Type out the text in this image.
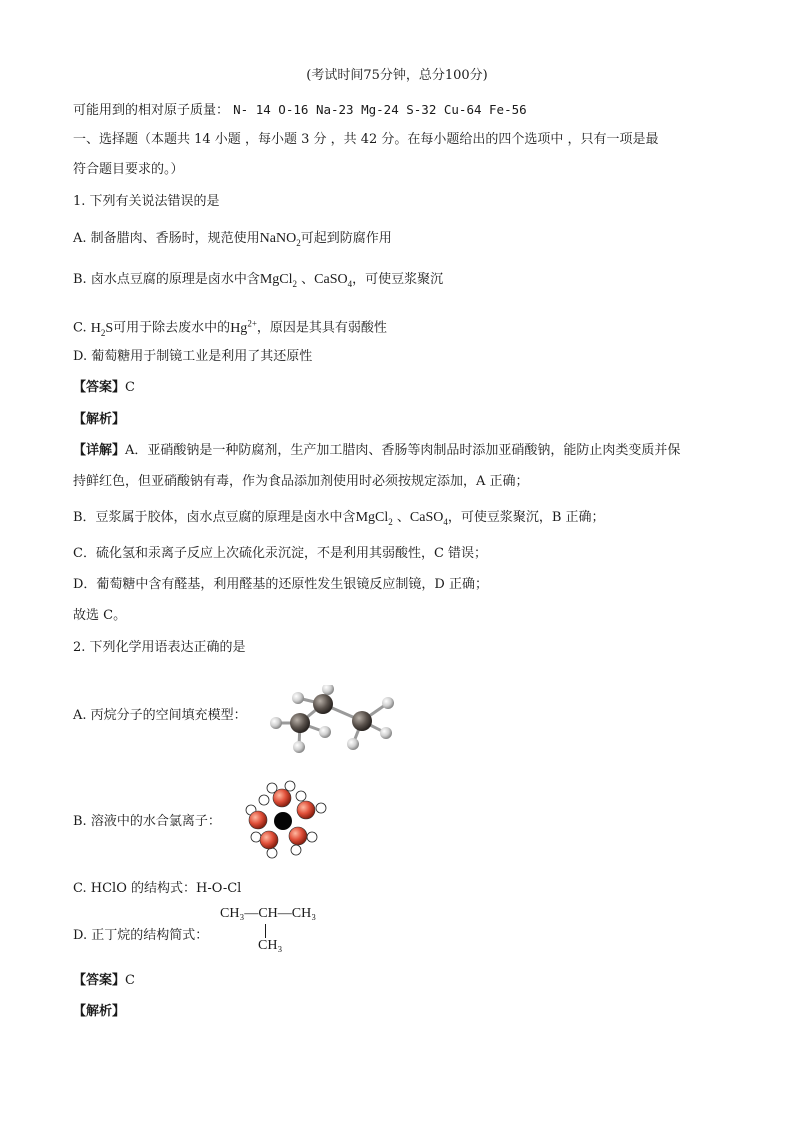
(考试时间75分钟，总分100分)
可能用到的相对原子质量： N- 14 O-16 Na-23 Mg-24 S-32 Cu-64 Fe-56
一、选择题（本题共 14 小题 ，每小题 3 分 ，共 42 分。在每小题给出的四个选项中 ，只有一项是最
符合题目要求的。）
1. 下列有关说法错误的是
A. 制备腊肉、香肠时，规范使用NaNO$_2$可起到防腐作用
B. 卤水点豆腐的原理是卤水中含MgCl$_2$ 、CaSO$_4$，可使豆浆聚沉
C. $H_2S$可用于除去废水中的$Hg^{2+}$，原因是其具有弱酸性
D. 葡萄糖用于制镜工业是利用了其还原性
【答案】C
【解析】
【详解】A．亚硝酸钠是一种防腐剂，生产加工腊肉、香肠等肉制品时添加亚硝酸钠，能防止肉类变质并保
持鲜红色，但亚硝酸钠有毒，作为食品添加剂使用时必须按规定添加，A 正确；
B．豆浆属于胶体，卤水点豆腐的原理是卤水中含MgCl$_2$ 、CaSO$_4$，可使豆浆聚沉，B 正确；
C．硫化氢和汞离子反应上次硫化汞沉淀，不是利用其弱酸性，C 错误；
D．葡萄糖中含有醛基，利用醛基的还原性发生银镜反应制镜，D 正确；
故选 C。
2. 下列化学用语表达正确的是
A. 丙烷分子的空间填充模型：
B. 溶液中的水合氯离子：
C. HClO 的结构式：H-O-Cl
D. 正丁烷的结构简式：
CH₃—CH—CH₃
CH₃
【答案】C
【解析】
